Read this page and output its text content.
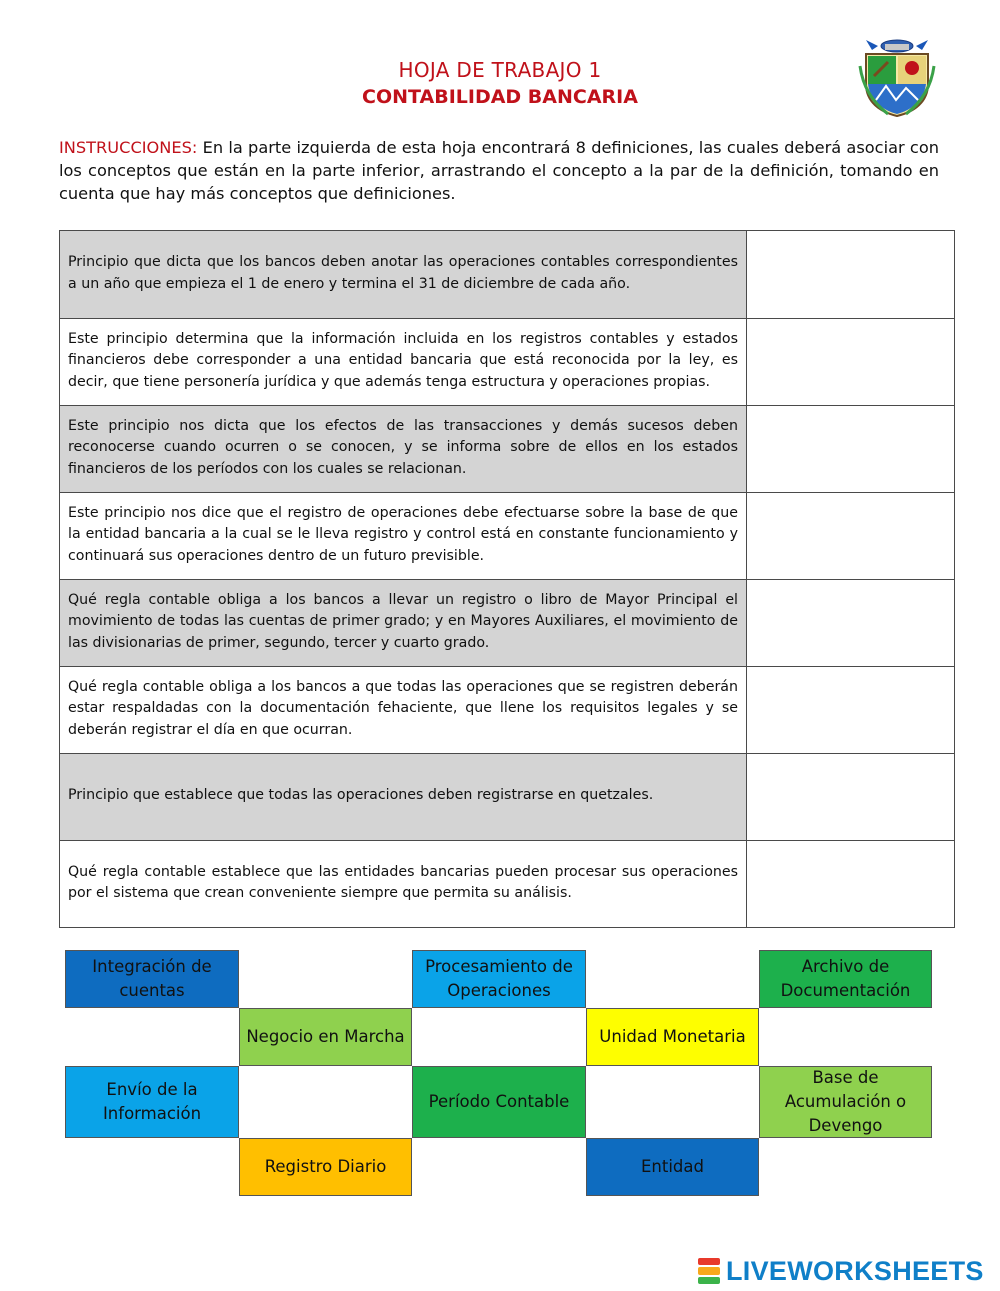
HOJA DE TRABAJO 1
CONTABILIDAD BANCARIA
INSTRUCCIONES: En la parte izquierda de esta hoja encontrará 8 definiciones, las cuales deberá asociar con los conceptos que están en la parte inferior, arrastrando el concepto a la par de la definición, tomando en cuenta que hay más conceptos que definiciones.
Principio que dicta que los bancos deben anotar las operaciones contables correspondientes a un año que empieza el 1 de enero y termina el 31 de diciembre de cada año.	
Este principio determina que la información incluida en los registros contables y estados financieros debe corresponder a una entidad bancaria que está reconocida por la ley, es decir, que tiene personería jurídica y que además tenga estructura y operaciones propias.	
Este principio nos dicta que los efectos de las transacciones y demás sucesos deben reconocerse cuando ocurren o se conocen, y se informa sobre de ellos en los estados financieros de los períodos con los cuales se relacionan.	
Este principio nos dice que el registro de operaciones debe efectuarse sobre la base de que la entidad bancaria a la cual se le lleva registro y control está en constante funcionamiento y continuará sus operaciones dentro de un futuro previsible.	
Qué regla contable obliga a los bancos a llevar un registro o libro de Mayor Principal el movimiento de todas las cuentas de primer grado; y en Mayores Auxiliares, el movimiento de las divisionarias de primer, segundo, tercer y cuarto grado.	
Qué regla contable obliga a los bancos a que todas las operaciones que se registren deberán estar respaldadas con la documentación fehaciente, que llene los requisitos legales y se deberán registrar el día en que ocurran.	
Principio que establece que todas las operaciones deben registrarse en quetzales.	
Qué regla contable establece que las entidades bancarias pueden procesar sus operaciones por el sistema que crean conveniente siempre que permita su análisis.	
Integración de cuentas
Procesamiento de Operaciones
Archivo de Documentación
Negocio en Marcha	Unidad Monetaria
Envío de la Información
Período Contable
Base de Acumulación o Devengo
Registro Diario	Entidad
LIVEWORKSHEETS
